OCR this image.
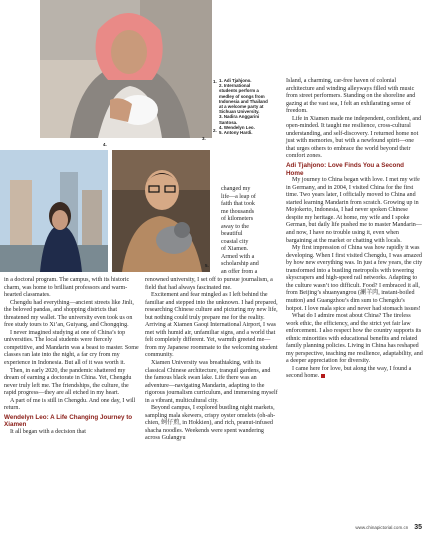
1. 1. Adi Tjahjono.
2. International
students perform a
medley of songs from
Indonesia and Thailand
at a welcome party at
Sichuan University.
3. Nadira Anggarini
Santosa.
4. Wendelyn Leo.
5. Antony Hardi.
2.
3.
4.
5.
changed my
life—a leap of
faith that took
me thousands
of kilometers
away to the
beautiful
coastal city
of Xiamen.
Armed with a
scholarship and
an offer from a

in a doctoral program. The campus, with its historic charm, was home to brilliant professors and warm-hearted classmates.

Chengdu had everything—ancient streets like Jinli, the beloved pandas, and shopping districts that threatened my wallet. The university even took us on free study tours to Xi’an, Guiyang, and Chongqing.

I never imagined studying at one of China’s top universities. The local students were fiercely competitive, and Mandarin was a beast to master. Some classes ran late into the night, a far cry from my experience in Indonesia. But all of it was worth it.

Then, in early 2020, the pandemic shattered my dream of earning a doctorate in China. Yet, Chengdu never truly left me. The friendships, the culture, the rapid progress—they are all etched in my heart.

A part of me is still in Chengdu. And one day, I will return.

Wendelyn Leo: A Life Changing Journey to Xiamen

It all began with a decision that

renowned university, I set off to pursue journalism, a field that had always fascinated me.

Excitement and fear mingled as I left behind the familiar and stepped into the unknown. I had prepared, researching Chinese culture and picturing my new life, but nothing could truly prepare me for the reality. Arriving at Xiamen Gaoqi International Airport, I was met with humid air, unfamiliar signs, and a world that felt completely different. Yet, warmth greeted me—from my Japanese roommate to the welcoming student community.

Xiamen University was breathtaking, with its classical Chinese architecture, tranquil gardens, and the famous black swan lake. Life there was an adventure—navigating Mandarin, adapting to the rigorous journalism curriculum, and immersing myself in a vibrant, multicultural city.

Beyond campus, I explored bustling night markets, sampling mala skewers, crispy oyster omelets (oh-ah-chien, 蚵仔煎, in Hokkien), and rich, peanut-infused shacha noodles. Weekends were spent wandering across Gulangyu

Island, a charming, car-free haven of colonial architecture and winding alleyways filled with music from street performers. Standing on the shoreline and gazing at the vast sea, I felt an exhilarating sense of freedom.

Life in Xiamen made me independent, confident, and open-minded. It taught me resilience, cross-cultural understanding, and self-discovery. I returned home not just with memories, but with a newfound spirit—one that urges others to embrace the world beyond their comfort zones.

Adi Tjahjono: Love Finds You a Second Home

My journey to China began with love. I met my wife in Germany, and in 2004, I visited China for the first time. Two years later, I officially moved to China and started learning Mandarin from scratch. Growing up in Mojokerto, Indonesia, I had never spoken Chinese despite my heritage. At home, my wife and I spoke German, but daily life pushed me to master Mandarin—and now, I have no trouble using it, even when bargaining at the market or chatting with locals.

My first impression of China was how rapidly it was developing. When I first visited Chengdu, I was amazed by how new everything was. In just a few years, the city transformed into a bustling metropolis with towering skyscrapers and high-speed rail networks. Adapting to the culture wasn’t too difficult. Food? I embraced it all, from Beijing’s shuanyangrou (涮羊肉, instant-boiled mutton) and Guangzhou’s dim sum to Chengdu’s hotpot. I love mala spice and never had stomach issues!

What do I admire most about China? The tireless work ethic, the efficiency, and the strict yet fair law enforcement. I also respect how the country supports its ethnic minorities with educational benefits and related family planning policies. Living in China has reshaped my perspective, teaching me resilience, adaptability, and a deeper appreciation for diversity.

I came here for love, but along the way, I found a second home.

www.chinapictorial.com.cn 35
